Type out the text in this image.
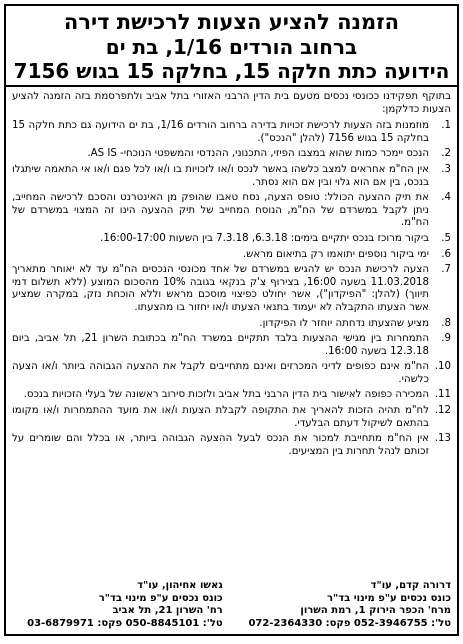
הזמנה להציע הצעות לרכישת דירה
ברחוב הורדים 1/16, בת ים
הידועה כתת חלקה 15, בחלקה 15 בגוש 7156

בתוקף תפקידנו ככונסי נכסים מטעם בית הדין הרבני האזורי בתל אביב ולתפרסמת בזה הזמנה להציע הצעות כדלקמן:

1.
מוזמנות בזה הצעות לרכישת זכויות בדירה ברחוב הורדים 1/16, בת ים הידועה גם כתת חלקה 15 בחלקה 15 בגוש 7156 (להלן "הנכס").
2.
הנכס יימכר כמות שהוא במצבו הפיזי, התכנוני, ההנדסי והמשפטי הנוכחי- AS IS.
3.
אין הח"מ אחראים למצב כלשהו באשר לנכס ו/או לזכויות בו ו/או לכל פגם ו/או אי התאמה שיתגלו בנכס, בין אם הוא גלוי ובין אם הוא נסתר.
4.
את תיק ההצעה הכולל: טופס הצעה, נסח טאבו שהופק מן האינטרנט והסכם לרכישה המחייב, ניתן לקבל במשרדם של הח"מ, הנוסח המחייב של תיק ההצעה הינו זה המצוי במשרדם של הח"מ.
5.
ביקור מרוכז בנכס יתקיים בימים: 6.3.18, 7.3.18 בין השעות 16:00-17:00.
6.
ימי ביקור נוספים יתואמו רק בתיאום מראש.
7.
הצעה לרכישת הנכס יש להגיש במשרדם של אחד מכונסי הנכסים הח"מ עד לא יאוחר מתאריך 11.03.2018 בשעה 16:00, בצירוף צ'ק בנקאי בגובה 10% מהסכום המוצע (ללא תשלום דמי תיווך) (להלן: "הפיקדון"), אשר יחולט כפיצוי מוסכם מראש וללא הוכחת נזק, במקרה שמציע אשר הצעתו התקבלה לא יעמוד בתנאי הצעתו ו/או יחזור בו מהצעתו.
8.
מציע שהצעתו נדחתה יוחזר לו הפיקדון.
9.
התמחרות בין מגישי ההצעות בלבד תתקיים במשרד הח"מ בכתובת השרון 21, תל אביב, ביום 12.3.18 בשעה 16:00.
10.
הח"מ אינם כפופים לדיני המכרזים ואינם מתחייבים לקבל את ההצעה הגבוהה ביותר ו/או הצעה כלשהי.
11.
המכירה כפופה לאישור בית הדין הרבני בתל אביב ולזכות סירוב ראשונה של בעלי הזכויות בנכס.
12.
לח"מ תהיה הזכות להאריך את התקופה לקבלת הצעות ו/או את מועד ההתמחרות ו/או מקומו בהתאם לשיקול דעתם הבלעדי.
13.
אין הח"מ מתחייבת למכור את הנכס לבעל ההצעה הגבוהה ביותר, או בכלל והם שומרים על זכותם לנהל תחרות בין המציעים.
דרורה קדם, עו"ד
כונס נכסים ע"פ מינוי בד"ר
מרח' הכפר הירוק 1, רמת השרון
טל': 052-3946755 פקס: 072-2364330
גאשו אחיהון, עו"ד
כונס נכסים ע"פ מינוי בד"ר
רח' השרון 21, תל אביב
טל': 050-8845101 פקס: 03-6879971
